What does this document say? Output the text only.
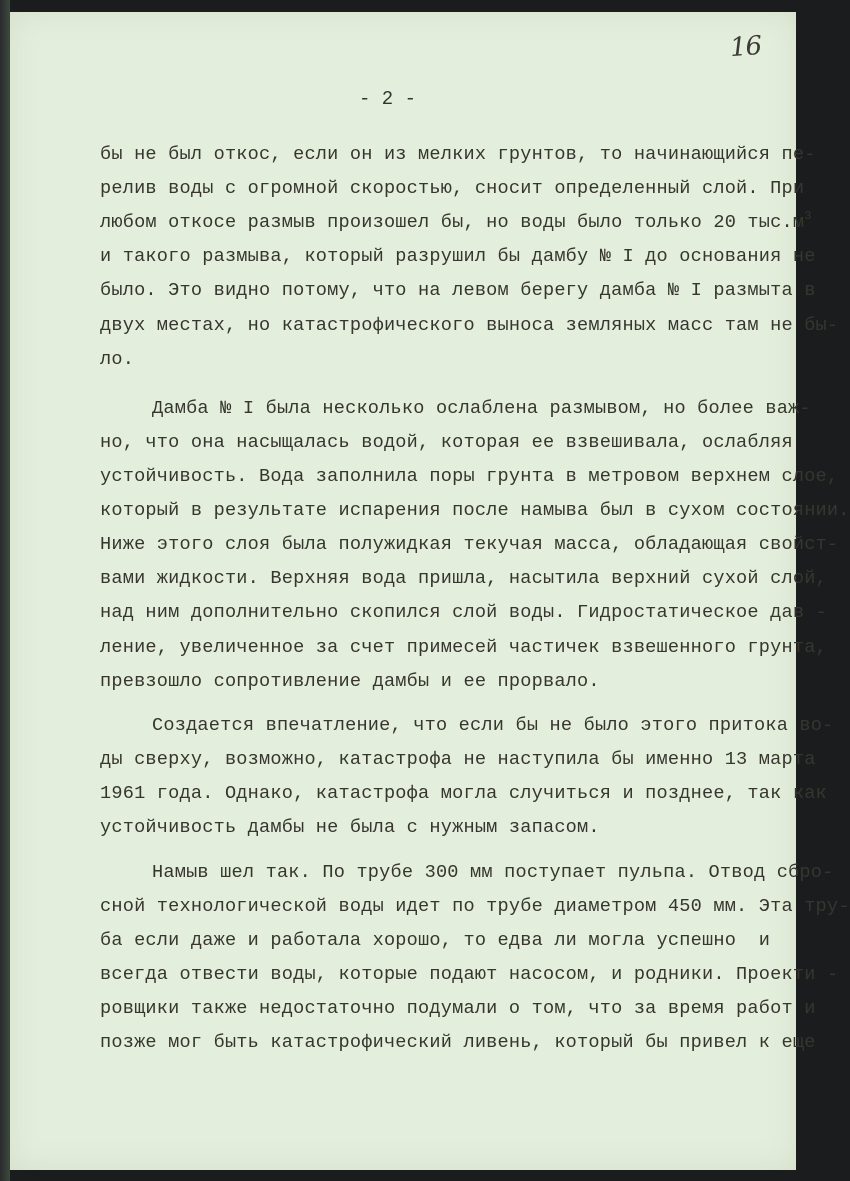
16
- 2 -
бы не был откос, если он из мелких грунтов, то начинающийся пе-
релив воды с огромной скоростью, сносит определенный слой. При
любом откосе размыв произошел бы, но воды было только 20 $тыс.м^3$
и такого размыва, который разрушил бы дамбу № I до основания не
было. Это видно потому, что на левом берегу дамба № I размыта в
двух местах, но катастрофического выноса земляных масс там не бы-
ло.
Дамба № I была несколько ослаблена размывом, но более важ-
но, что она насыщалась водой, которая ее взвешивала, ослабляя
устойчивость. Вода заполнила поры грунта в метровом верхнем слое,
который в результате испарения после намыва был в сухом состоянии.
Ниже этого слоя была полужидкая текучая масса, обладающая свойст-
вами жидкости. Верхняя вода пришла, насытила верхний сухой слой,
над ним дополнительно скопился слой воды. Гидростатическое дав -
ление, увеличенное за счет примесей частичек взвешенного грунта,
превзошло сопротивление дамбы и ее прорвало.
Создается впечатление, что если бы не было этого притока во-
ды сверху, возможно, катастрофа не наступила бы именно 13 марта
1961 года. Однако, катастрофа могла случиться и позднее, так как
устойчивость дамбы не была с нужным запасом.
Намыв шел так. По трубе 300 мм поступает пульпа. Отвод сбро-
сной технологической воды идет по трубе диаметром 450 мм. Эта тру-
ба если даже и работала хорошо, то едва ли могла успешно  и
всегда отвести воды, которые подают насосом, и родники. Проекти -
ровщики также недостаточно подумали о том, что за время работ и
позже мог быть катастрофический ливень, который бы привел к еще
